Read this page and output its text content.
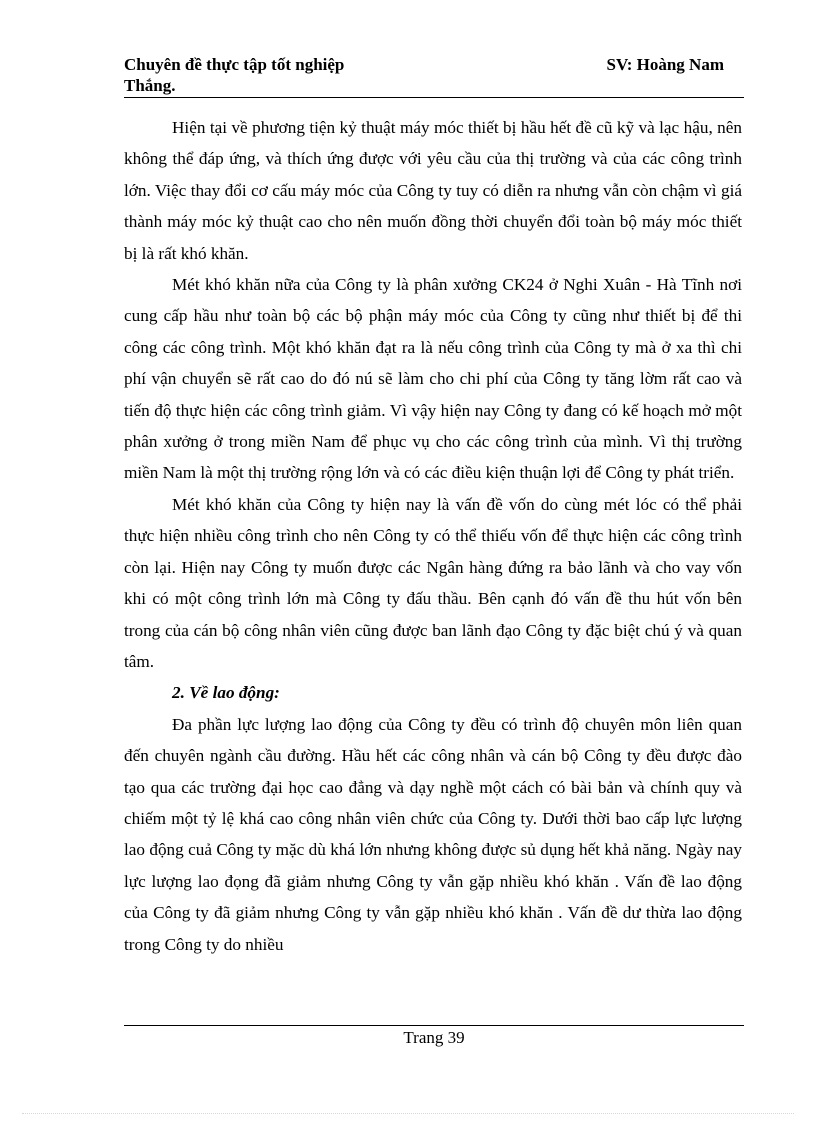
Chuyên đề thực tập tốt nghiệp	SV: Hoàng Nam
Thắng.

Hiện tại về phương tiện kỷ thuật máy móc thiết bị hầu hết đề cũ kỹ và lạc hậu, nên không thể đáp ứng, và thích ứng được với yêu cầu của thị trường và của các công trình lớn. Việc thay đổi cơ cấu máy móc của Công ty tuy có diễn ra nhưng vẫn còn chậm vì giá thành máy móc kỷ thuật cao cho nên muốn đồng thời chuyển đổi toàn bộ máy móc thiết bị là rất khó khăn.

Mét khó khăn nữa của Công ty là phân xưởng CK24 ở Nghi Xuân - Hà Tĩnh nơi cung cấp hầu như toàn bộ các bộ phận máy móc của Công ty cũng như thiết bị để thi công các công trình. Một khó khăn đạt ra là nếu công trình của Công ty mà ở xa thì chi phí vận chuyển sẽ rất cao do đó nú sẽ làm cho chi phí của Công ty tăng lờm rất cao và tiến độ thực hiện các công trình giảm. Vì vậy hiện nay Công ty đang có kế hoạch mở một phân xưởng ở trong miền Nam để phục vụ cho các công trình của mình. Vì thị trường miền Nam là một thị trường rộng lớn và có các điều kiện thuận lợi để Công ty phát triển.

Mét khó khăn của Công ty hiện nay là vấn đề vốn do cùng mét lóc có thể phải thực hiện nhiều công trình cho nên Công ty có thể thiếu vốn để thực hiện các công trình còn lại. Hiện nay Công ty muốn được các Ngân hàng đứng ra bảo lãnh và cho vay vốn khi có một công trình lớn mà Công ty đấu thầu. Bên cạnh đó vấn đề thu hút vốn bên trong của cán bộ công nhân viên cũng được ban lãnh đạo Công ty đặc biệt chú ý và quan tâm.

2. Về lao động:

Đa phần lực lượng lao động của Công ty đều có trình độ chuyên môn liên quan đến chuyên ngành cầu đường. Hầu hết các công nhân và cán bộ Công ty đều được đào tạo qua các trường đại học cao đẳng và dạy nghề một cách có bài bản và chính quy và chiếm một tỷ lệ khá cao công nhân viên chức của Công ty. Dưới thời bao cấp lực lượng lao động cuả Công ty mặc dù khá lớn nhưng không được sủ dụng hết khả năng. Ngày nay lực lượng lao đọng đã giảm nhưng Công ty vẫn gặp nhiều khó khăn . Vấn đề lao động của Công ty đã giảm nhưng Công ty vẫn gặp nhiều khó khăn . Vấn đề dư thừa lao động trong Công ty do nhiều

Trang 39
